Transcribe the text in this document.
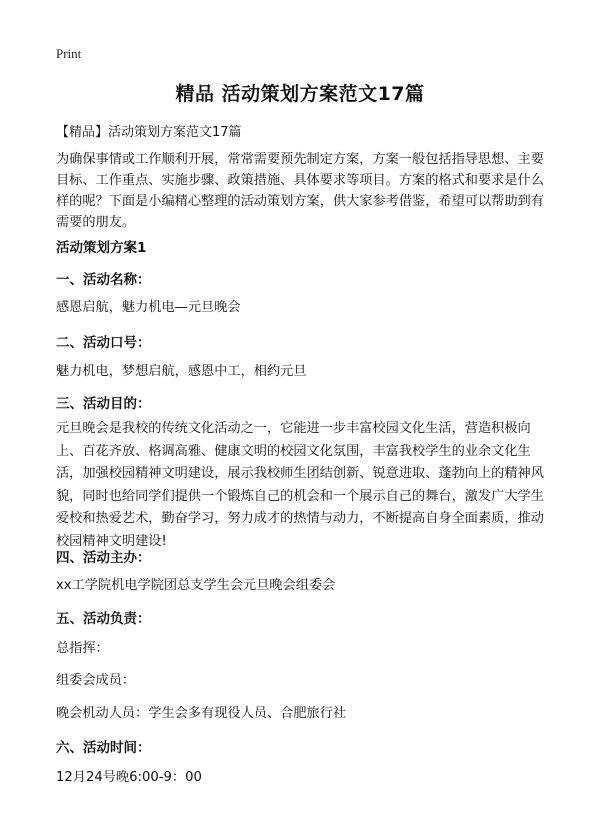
Print
精品 活动策划方案范文17篇
【精品】活动策划方案范文17篇
为确保事情或工作顺利开展，常常需要预先制定方案，方案一般包括指导思想、主要目标、工作重点、实施步骤、政策措施、具体要求等项目。方案的格式和要求是什么样的呢？下面是小编精心整理的活动策划方案，供大家参考借鉴，希望可以帮助到有需要的朋友。
活动策划方案1
一、活动名称：
感恩启航，魅力机电—元旦晚会
二、活动口号：
魅力机电，梦想启航，感恩中工，相约元旦
三、活动目的：
元旦晚会是我校的传统文化活动之一，它能进一步丰富校园文化生活，营造积极向上、百花齐放、格调高雅、健康文明的校园文化氛围，丰富我校学生的业余文化生活，加强校园精神文明建设，展示我校师生团结创新、锐意进取、蓬勃向上的精神风貌，同时也给同学们提供一个锻炼自己的机会和一个展示自己的舞台，激发广大学生爱校和热爱艺术，勤奋学习，努力成才的热情与动力，不断提高自身全面素质，推动校园精神文明建设!
四、活动主办：
xx工学院机电学院团总支学生会元旦晚会组委会
五、活动负责：
总指挥：
组委会成员：
晚会机动人员：学生会多有现役人员、合肥旅行社
六、活动时间：
12月24号晚6:00-9：00
